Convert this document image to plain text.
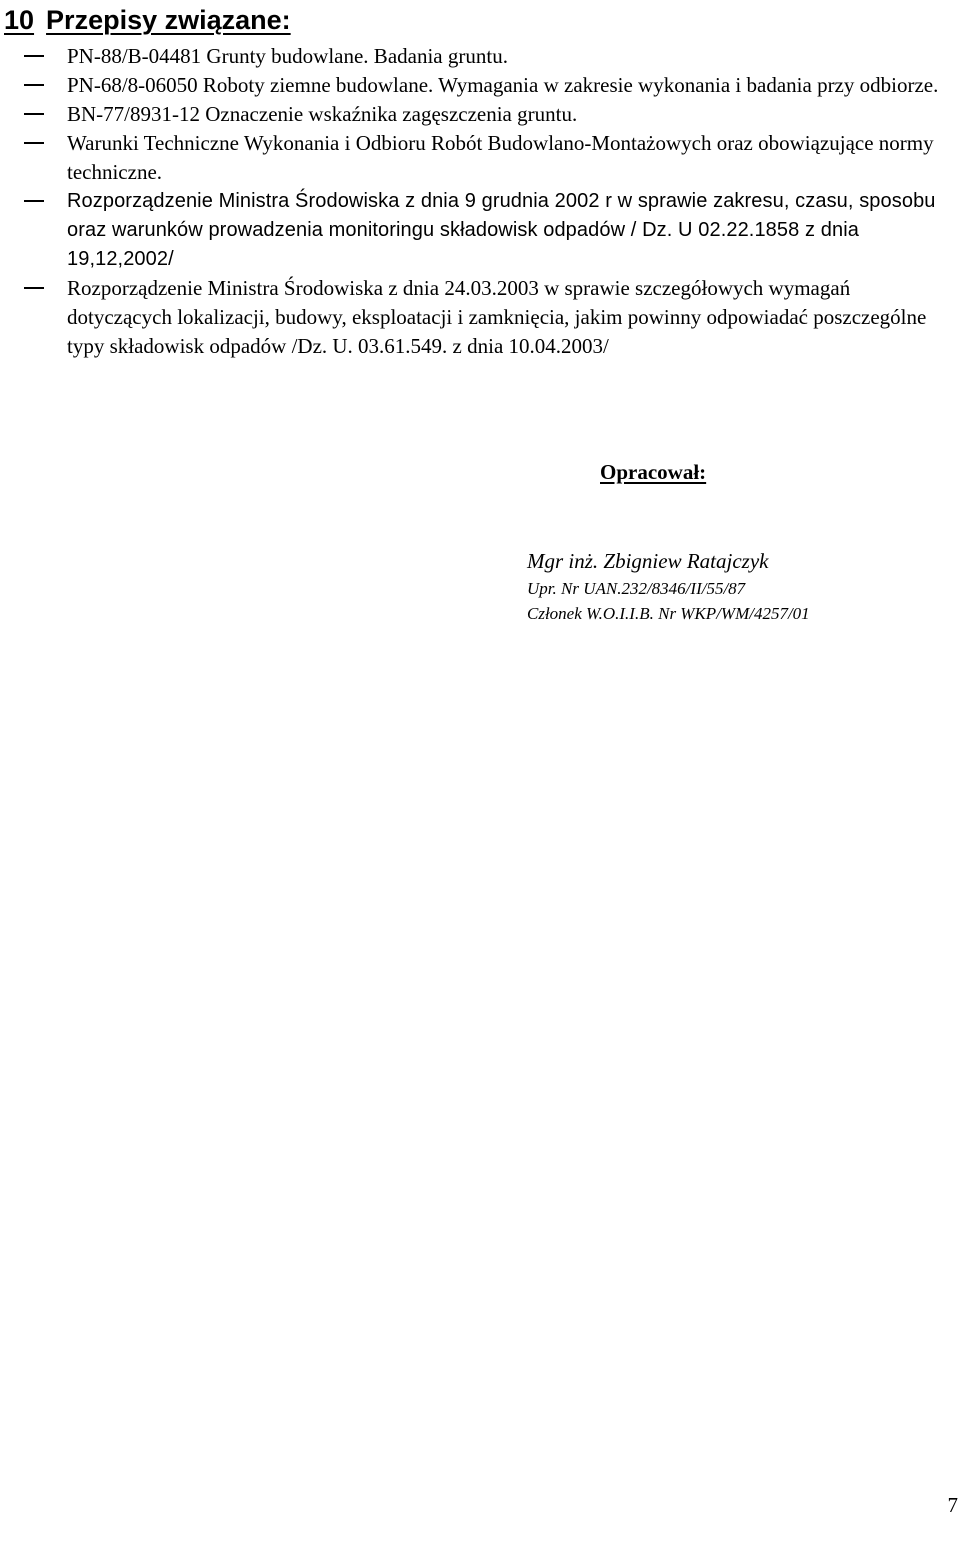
10 Przepisy związane:
PN-88/B-04481 Grunty budowlane. Badania gruntu.
PN-68/8-06050 Roboty ziemne budowlane. Wymagania w zakresie wykonania i badania przy odbiorze.
BN-77/8931-12 Oznaczenie wskaźnika zagęszczenia gruntu.
Warunki Techniczne Wykonania i Odbioru Robót Budowlano-Montażowych oraz obowiązujące normy techniczne.
Rozporządzenie Ministra Środowiska z dnia 9 grudnia 2002 r w sprawie zakresu, czasu, sposobu oraz warunków prowadzenia monitoringu składowisk odpadów / Dz. U 02.22.1858 z dnia 19,12,2002/
Rozporządzenie Ministra Środowiska z dnia 24.03.2003 w sprawie szczegółowych wymagań dotyczących lokalizacji, budowy, eksploatacji i zamknięcia, jakim powinny odpowiadać poszczególne typy składowisk odpadów /Dz. U. 03.61.549. z dnia 10.04.2003/
Opracował:
Mgr inż. Zbigniew Ratajczyk
Upr. Nr UAN.232/8346/II/55/87
Członek W.O.I.I.B. Nr WKP/WM/4257/01
7
